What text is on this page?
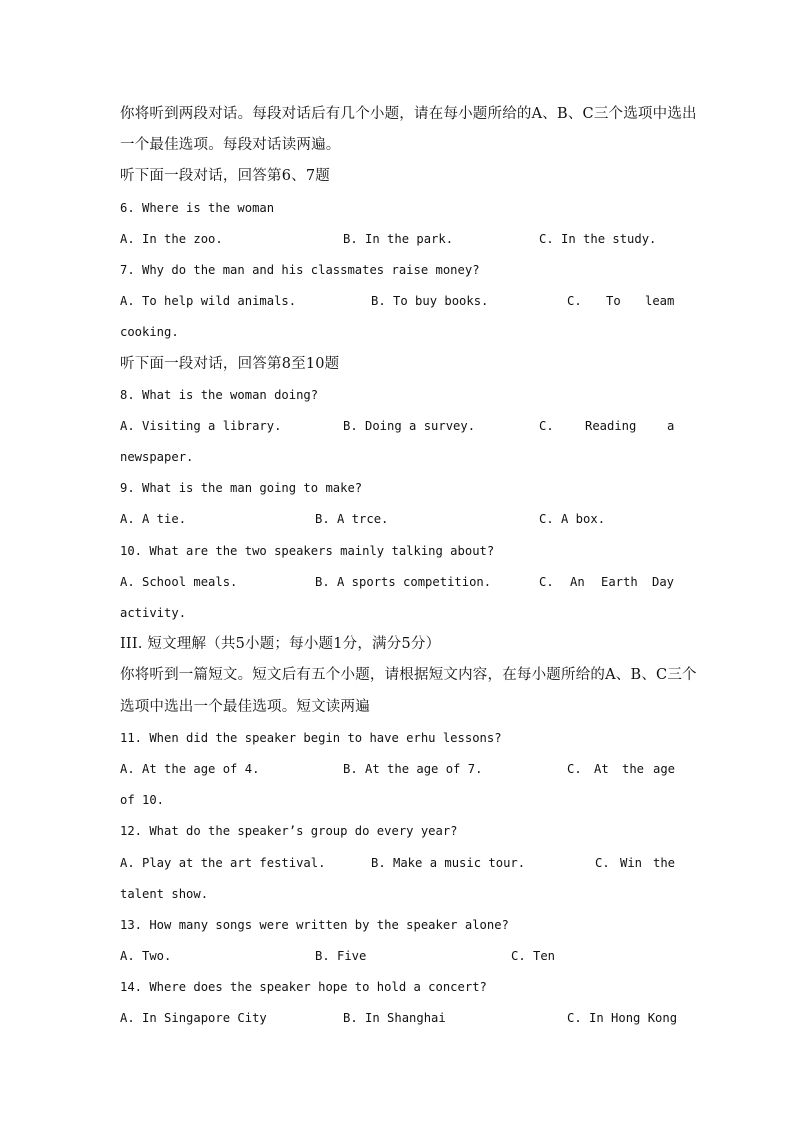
你将听到两段对话。每段对话后有几个小题，请在每小题所给的A、B、C三个选项中选出
一个最佳选项。每段对话读两遍。
听下面一段对话，回答第6、7题
6. Where is the woman
A. In the zoo.	B. In the park.	C. In the study.
7. Why do the man and his classmates raise money?
A. To help wild animals.	B. To buy books.	C. To leam
cooking.
听下面一段对话，回答第8至10题
8. What is the woman doing?
A. Visiting a library.	B. Doing a survey.	C.	Reading	a
newspaper.
9. What is the man going to make?
A. A tie.	B. A trce.	C. A box.
10. What are the two speakers mainly talking about?
A. School meals.	B. A sports competition.	C. An Earth Day
activity.
III. 短文理解（共5小题；每小题1分，满分5分）
你将听到一篇短文。短文后有五个小题，请根据短文内容，在每小题所给的A、B、C三个
选项中选出一个最佳选项。短文读两遍
11. When did the speaker begin to have erhu lessons?
A. At the age of 4.	B. At the age of 7.	C. At the age
of 10.
12. What do the speaker’s group do every year?
A. Play at the art festival.	B. Make a music tour.	C. Win the
talent show.
13. How many songs were written by the speaker alone?
A. Two.	B. Five	C. Ten
14. Where does the speaker hope to hold a concert?
A. In Singapore City	B. In Shanghai	C. In Hong Kong
